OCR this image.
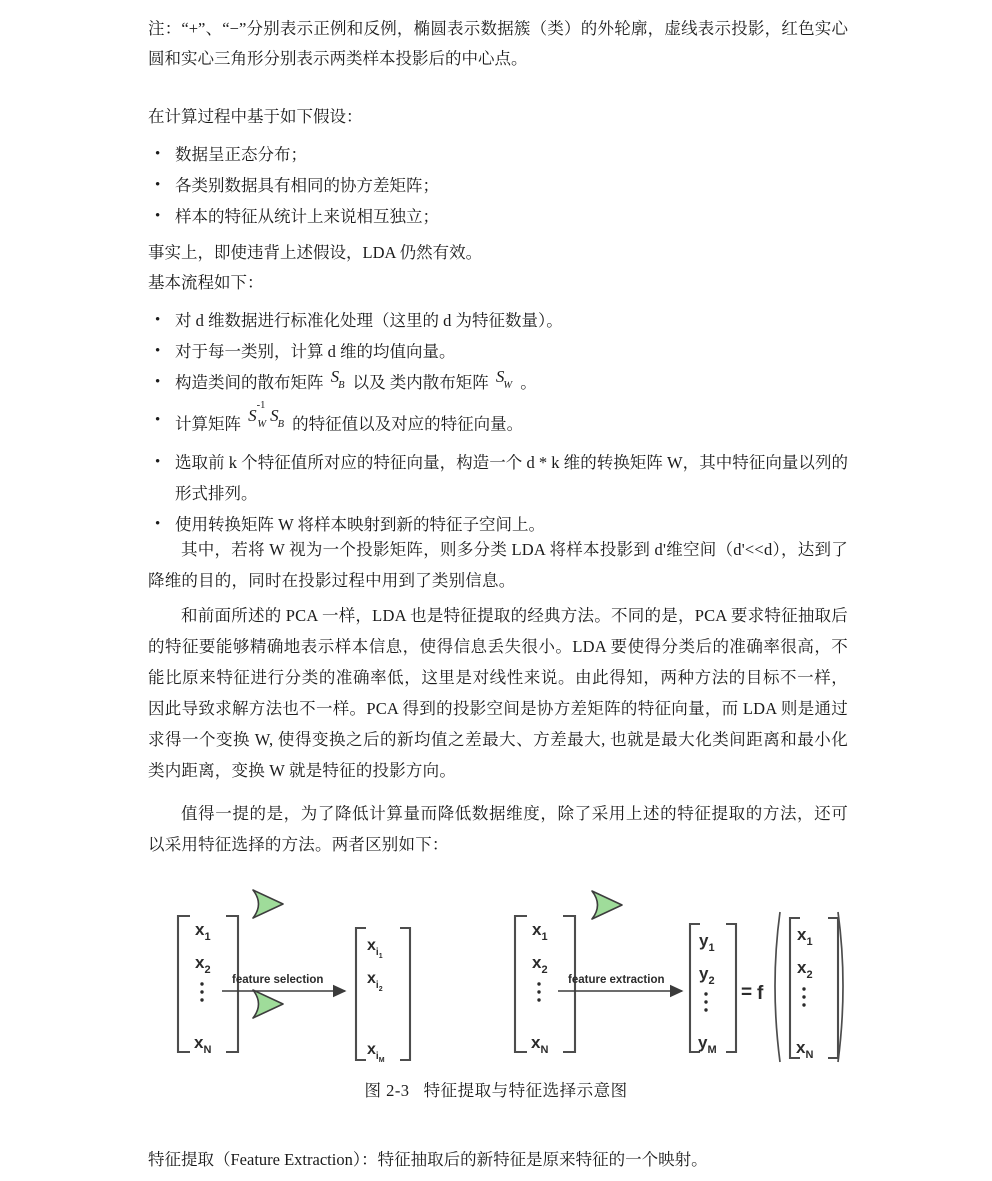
注：“+”、“−”分别表示正例和反例，椭圆表示数据簇（类）的外轮廓，虚线表示投影，红色实心圆和实心三角形分别表示两类样本投影后的中心点。

在计算过程中基于如下假设：

• 数据呈正态分布；
• 各类别数据具有相同的协方差矩阵；
• 样本的特征从统计上来说相互独立；

事实上，即使违背上述假设，LDA 仍然有效。

基本流程如下：

• 对 d 维数据进行标准化处理（这里的 d 为特征数量）。
• 对于每一类别，计算 d 维的均值向量。
• 构造类间的散布矩阵 $S_B$ 以及 类内散布矩阵 $S_W$ 。
• 计算矩阵 $S^{-1}_W$ $S_B$ 的特征值以及对应的特征向量。
• 选取前 k 个特征值所对应的特征向量，构造一个 d * k 维的转换矩阵 W，其中特征向量以列的形式排列。
• 使用转换矩阵 W 将样本映射到新的特征子空间上。

其中，若将 W 视为一个投影矩阵，则多分类 LDA 将样本投影到 d'维空间（d'<<d），达到了降维的目的，同时在投影过程中用到了类别信息。

和前面所述的 PCA 一样，LDA 也是特征提取的经典方法。不同的是，PCA 要求特征抽取后的特征要能够精确地表示样本信息，使得信息丢失很小。LDA 要使得分类后的准确率很高，不能比原来特征进行分类的准确率低，这里是对线性来说。由此得知，两种方法的目标不一样，因此导致求解方法也不一样。PCA 得到的投影空间是协方差矩阵的特征向量，而 LDA 则是通过求得一个变换 W, 使得变换之后的新均值之差最大、方差最大, 也就是最大化类间距离和最小化类内距离，变换 W 就是特征的投影方向。

值得一提的是，为了降低计算量而降低数据维度，除了采用上述的特征提取的方法，还可以采用特征选择的方法。两者区别如下：

$x_1$
$x_2$
$x_N$
feature selection
$x_i1$
$x_i2$
$x_iM$
$x_1$
$x_2$
$x_N$
feature extraction
$y_1$
$y_2$
$y_M$
= f
$x_1$
$x_2$
$x_N$
图 2-3 特征提取与特征选择示意图

特征提取（Feature Extraction）：特征抽取后的新特征是原来特征的一个映射。
